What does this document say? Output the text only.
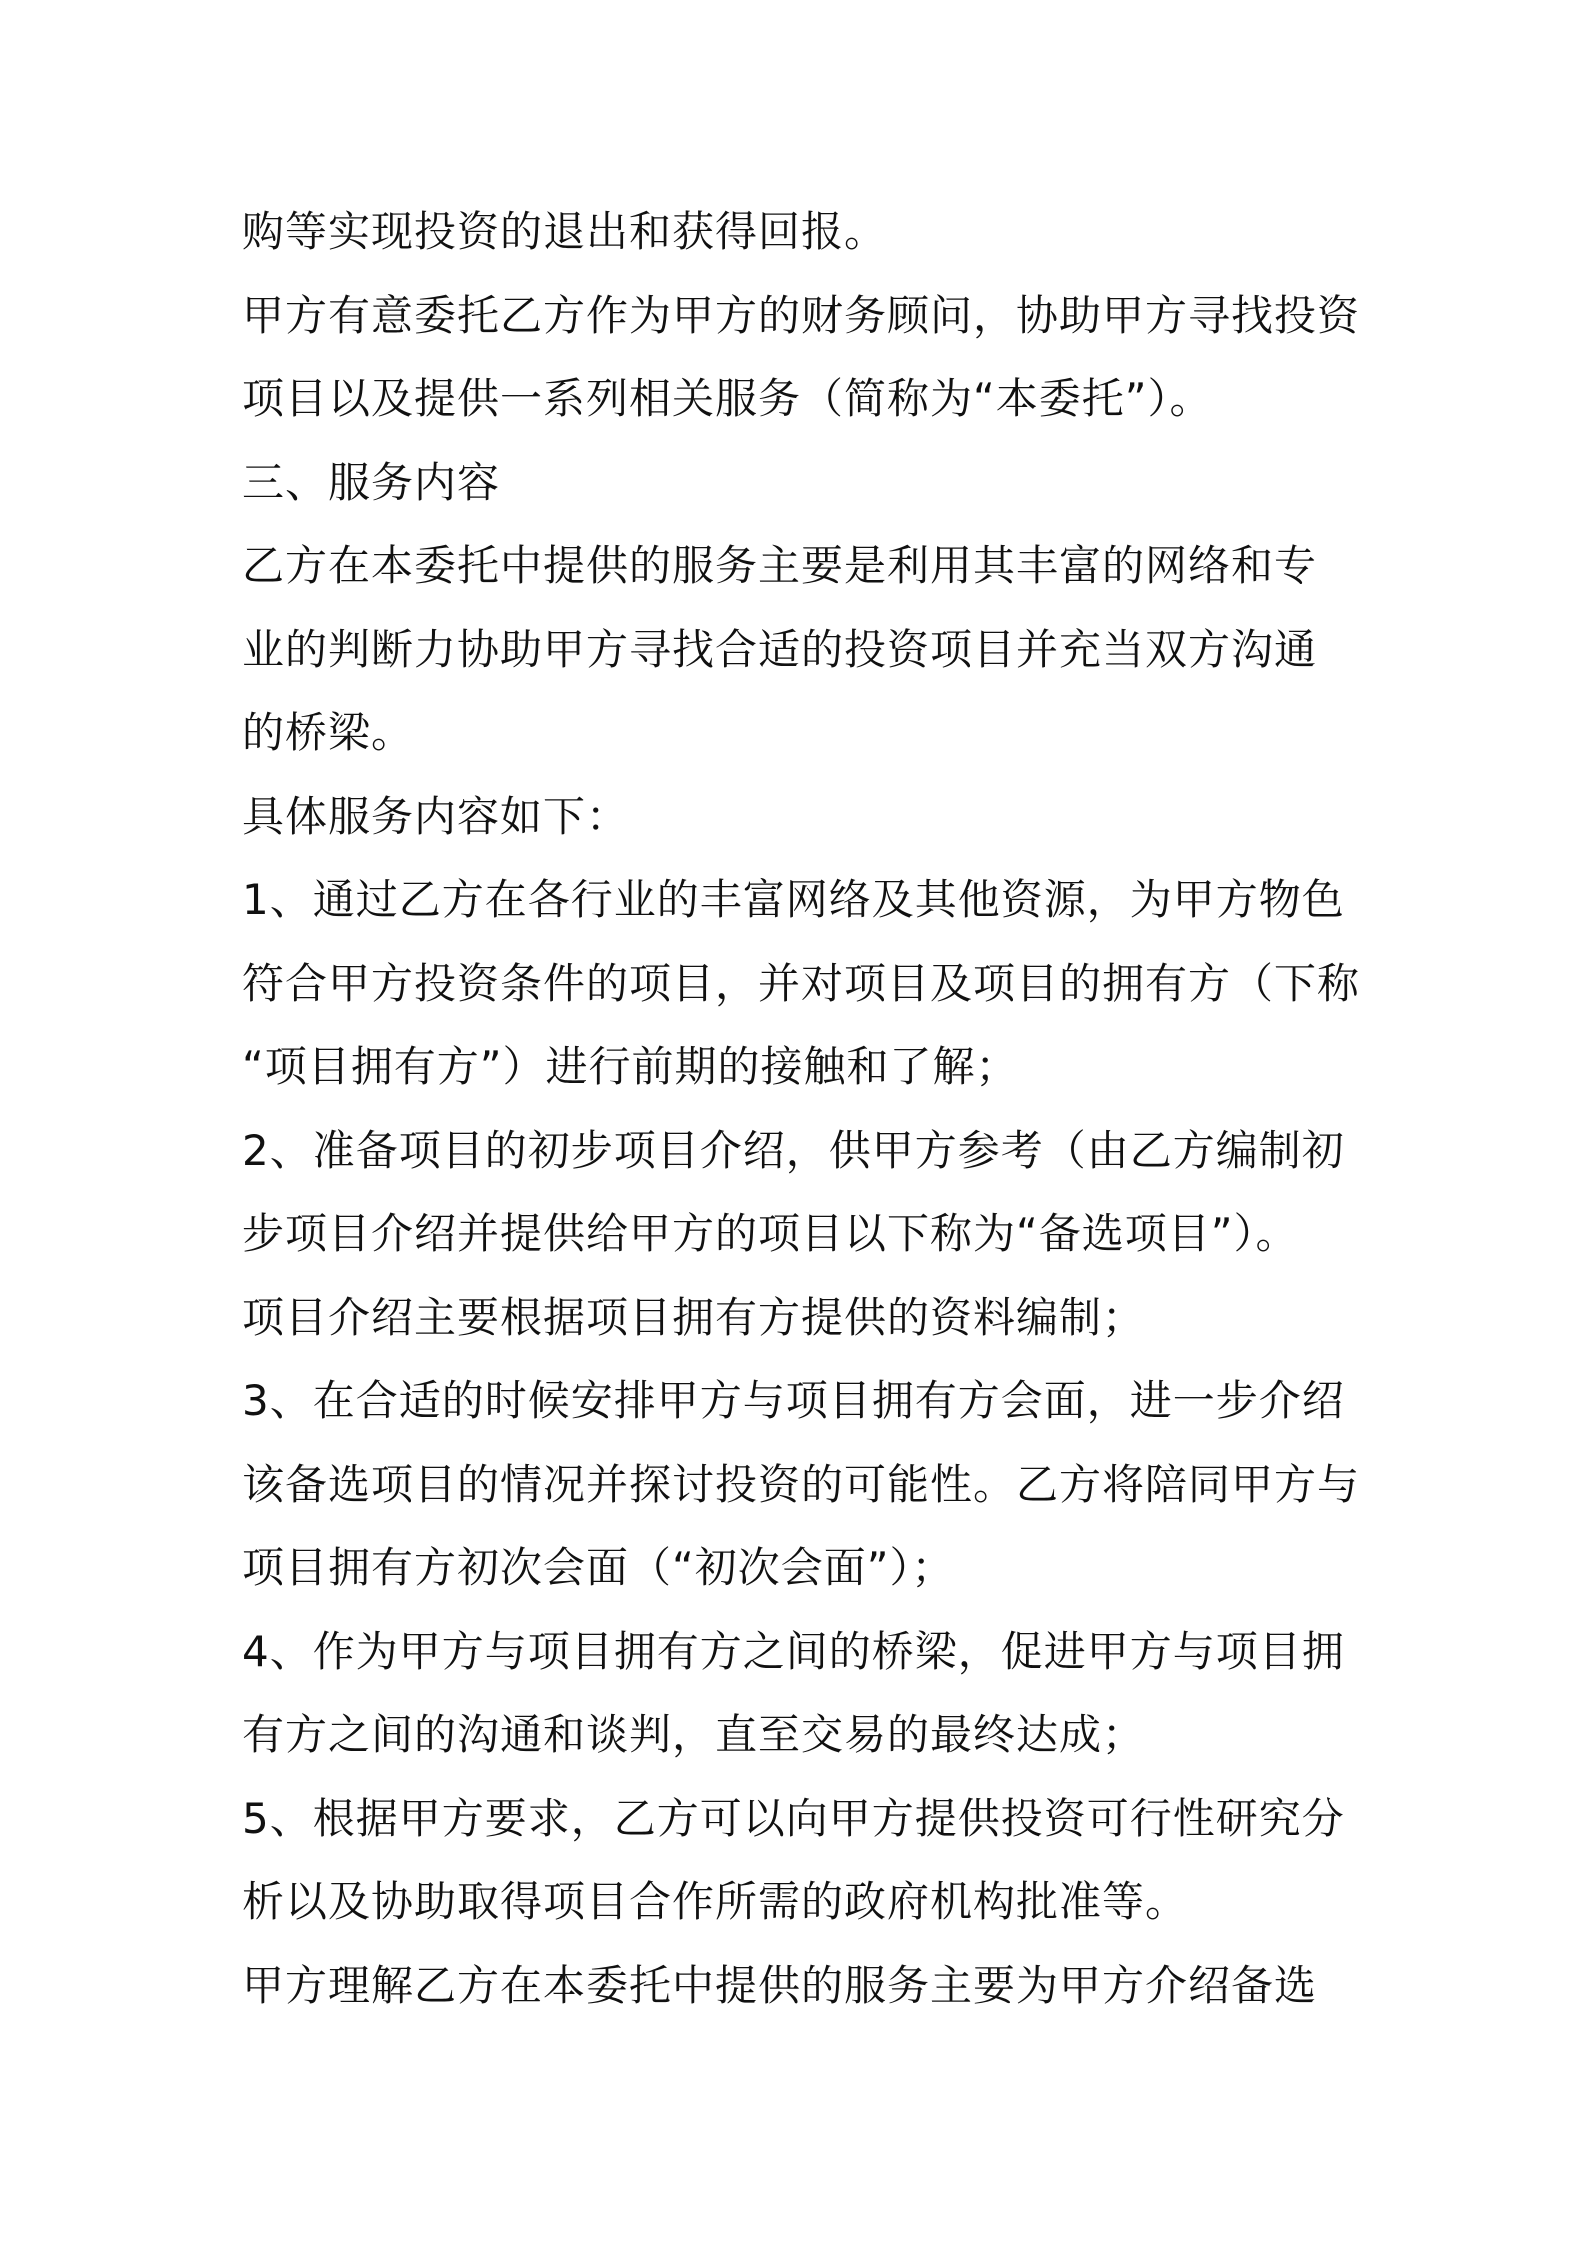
购等实现投资的退出和获得回报。

甲方有意委托乙方作为甲方的财务顾问，协助甲方寻找投资

项目以及提供一系列相关服务（简称为“本委托”）。

三、服务内容

乙方在本委托中提供的服务主要是利用其丰富的网络和专

业的判断力协助甲方寻找合适的投资项目并充当双方沟通

的桥梁。

具体服务内容如下：

1、通过乙方在各行业的丰富网络及其他资源，为甲方物色

符合甲方投资条件的项目，并对项目及项目的拥有方（下称

“项目拥有方”）进行前期的接触和了解；

2、准备项目的初步项目介绍，供甲方参考（由乙方编制初

步项目介绍并提供给甲方的项目以下称为“备选项目”）。

项目介绍主要根据项目拥有方提供的资料编制；

3、在合适的时候安排甲方与项目拥有方会面，进一步介绍

该备选项目的情况并探讨投资的可能性。乙方将陪同甲方与

项目拥有方初次会面（“初次会面”）；

4、作为甲方与项目拥有方之间的桥梁，促进甲方与项目拥

有方之间的沟通和谈判，直至交易的最终达成；

5、根据甲方要求，乙方可以向甲方提供投资可行性研究分

析以及协助取得项目合作所需的政府机构批准等。

甲方理解乙方在本委托中提供的服务主要为甲方介绍备选
